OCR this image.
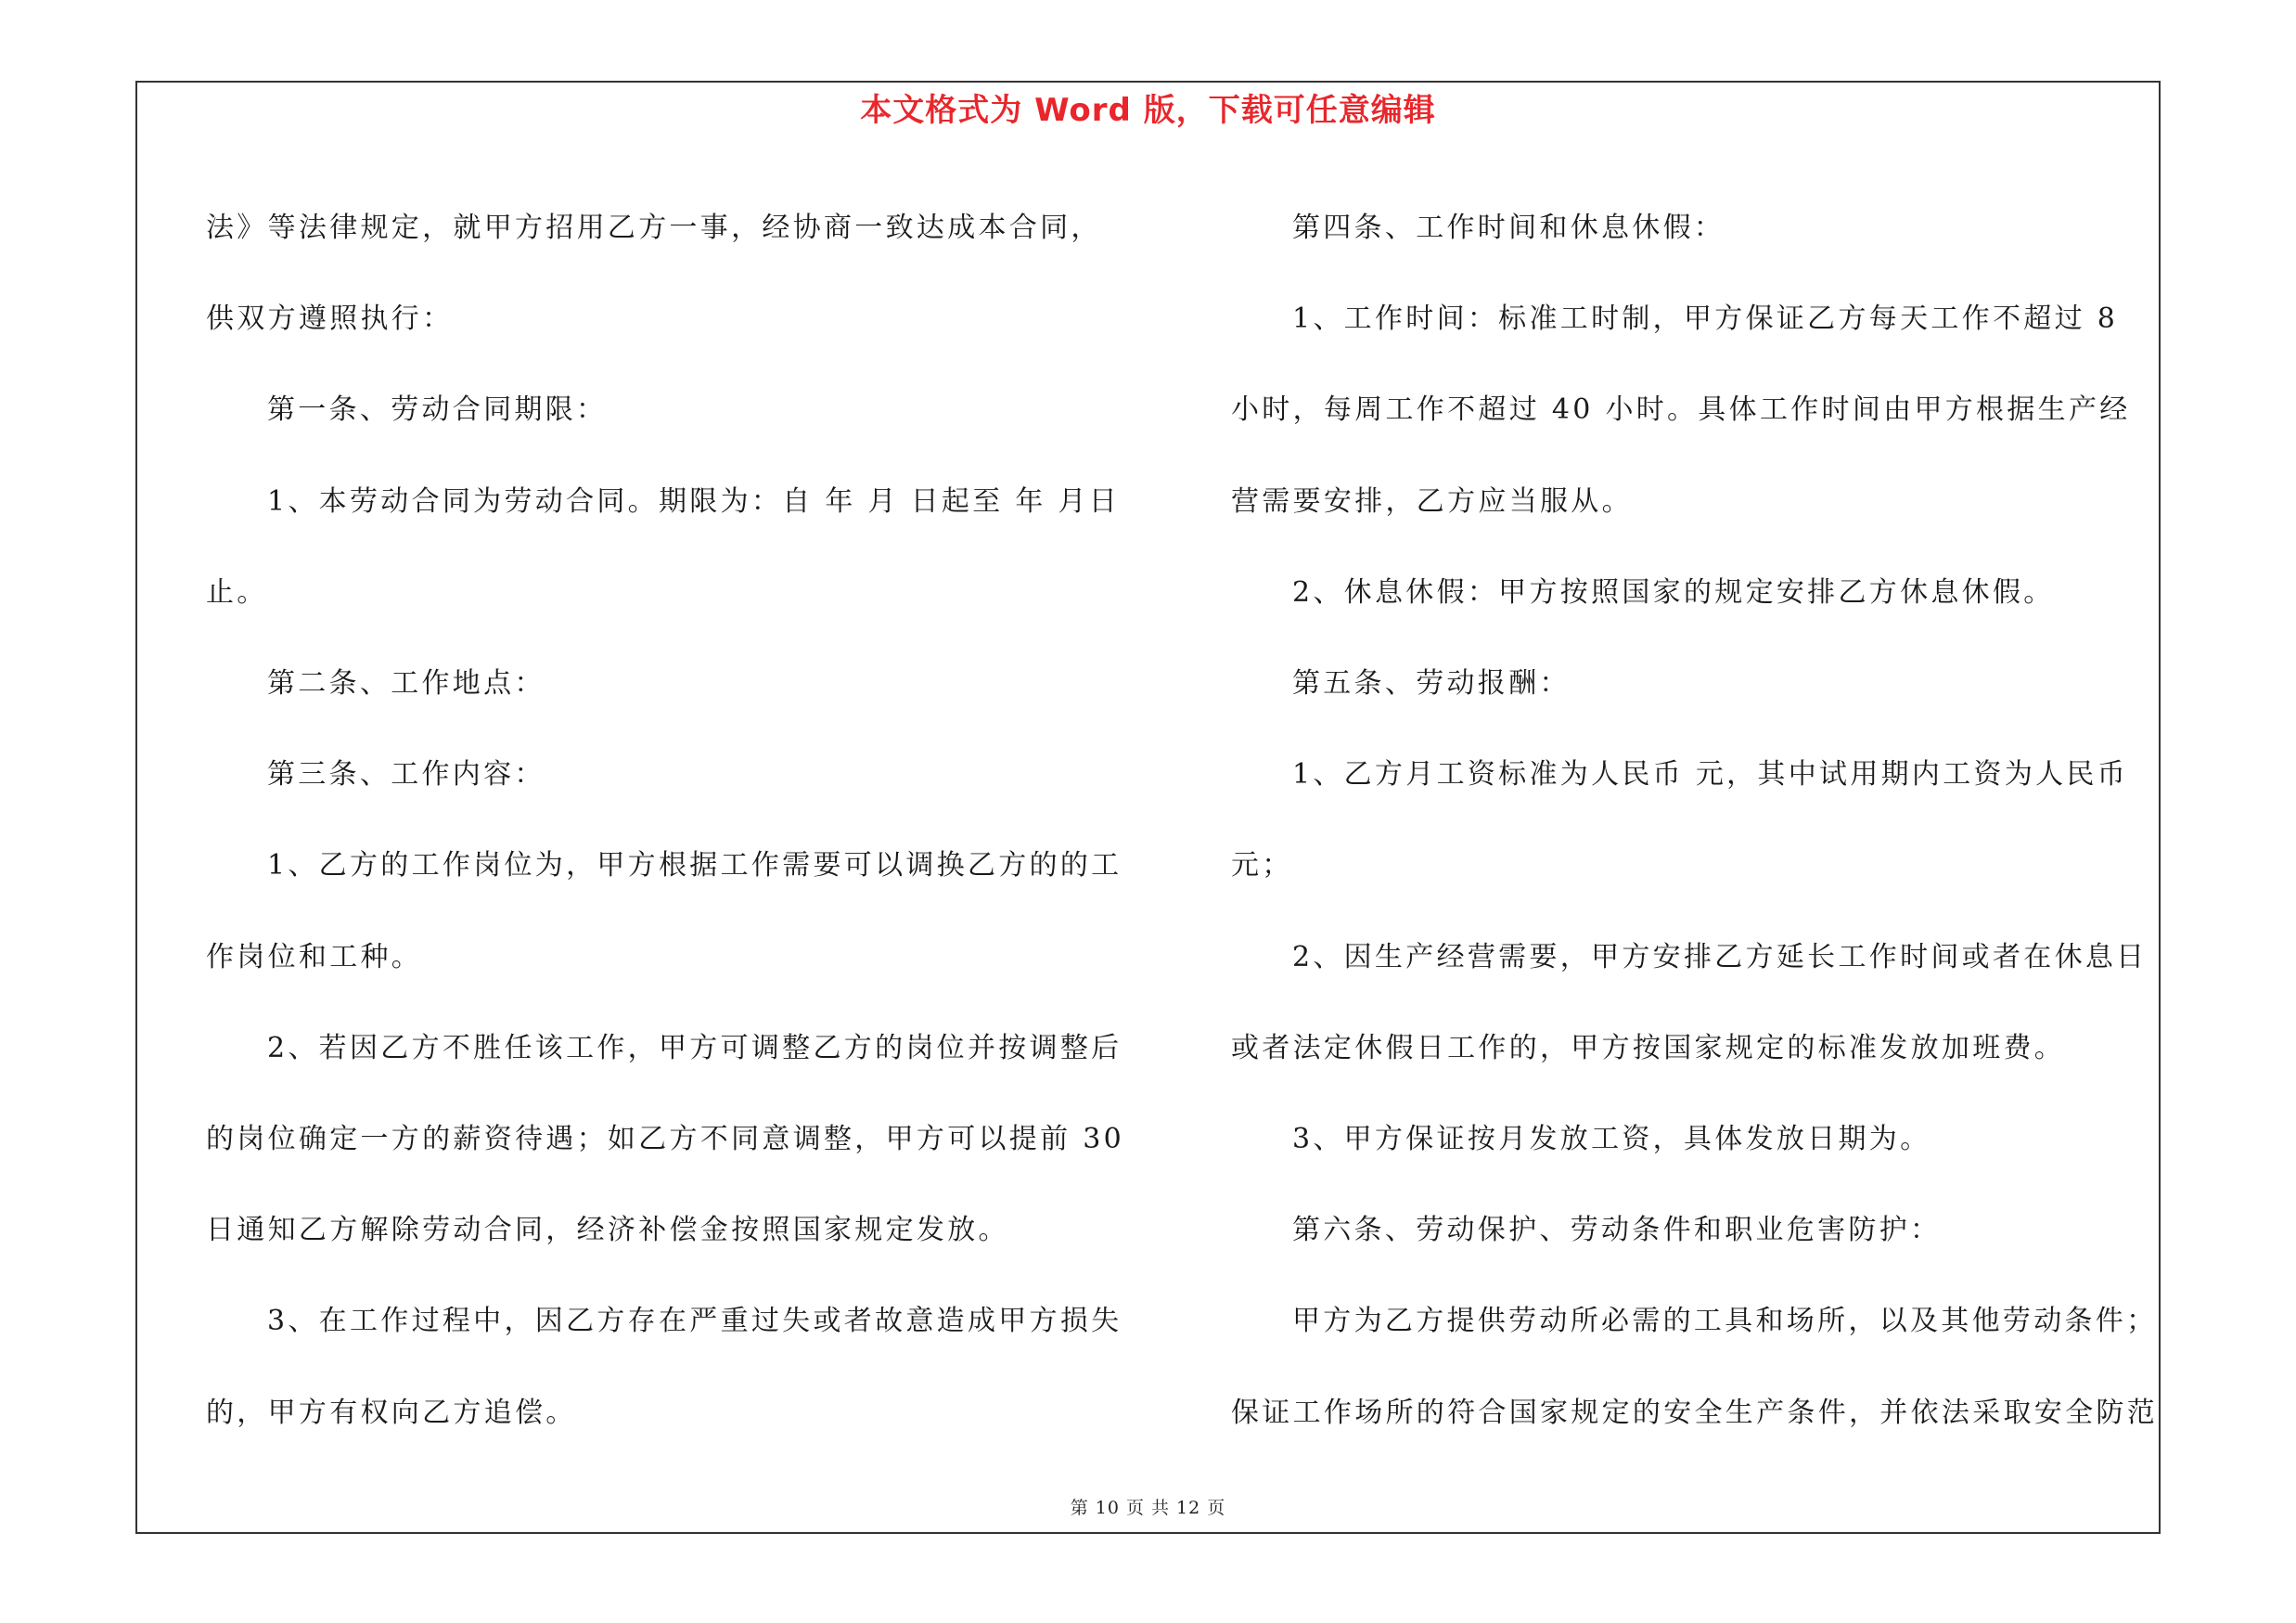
本文格式为 Word 版，下载可任意编辑

法》等法律规定，就甲方招用乙方一事，经协商一致达成本合同，供双方遵照执行：

第一条、劳动合同期限：

1、本劳动合同为劳动合同。期限为：自 年 月 日起至 年 月日止。

第二条、工作地点：

第三条、工作内容：

1、乙方的工作岗位为，甲方根据工作需要可以调换乙方的的工作岗位和工种。

2、若因乙方不胜任该工作，甲方可调整乙方的岗位并按调整后的岗位确定一方的薪资待遇；如乙方不同意调整，甲方可以提前 30 日通知乙方解除劳动合同，经济补偿金按照国家规定发放。

3、在工作过程中，因乙方存在严重过失或者故意造成甲方损失的，甲方有权向乙方追偿。

第四条、工作时间和休息休假：

1、工作时间：标准工时制，甲方保证乙方每天工作不超过 8 小时，每周工作不超过 40 小时。具体工作时间由甲方根据生产经营需要安排，乙方应当服从。

2、休息休假：甲方按照国家的规定安排乙方休息休假。

第五条、劳动报酬：

1、乙方月工资标准为人民币 元，其中试用期内工资为人民币元；

2、因生产经营需要，甲方安排乙方延长工作时间或者在休息日或者法定休假日工作的，甲方按国家规定的标准发放加班费。

3、甲方保证按月发放工资，具体发放日期为。

第六条、劳动保护、劳动条件和职业危害防护：

甲方为乙方提供劳动所必需的工具和场所，以及其他劳动条件；保证工作场所的符合国家规定的安全生产条件，并依法采取安全防范

第 10 页 共 12 页
